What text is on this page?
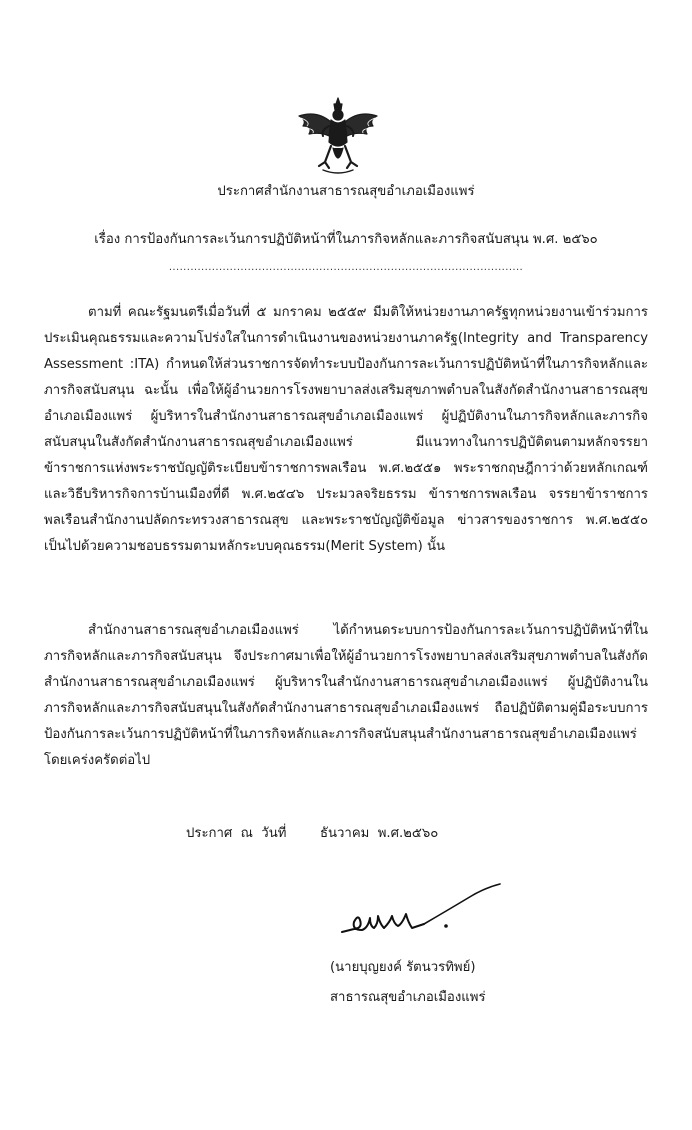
ประกาศสำนักงานสาธารณสุขอำเภอเมืองแพร่
เรื่อง การป้องกันการละเว้นการปฏิบัติหน้าที่ในภารกิจหลักและภารกิจสนับสนุน พ.ศ. ๒๕๖๐
...................................................................................................

ตามที่ คณะรัฐมนตรีเมื่อวันที่ ๕ มกราคม ๒๕๕๙ มีมติให้หน่วยงานภาครัฐทุกหน่วยงานเข้าร่วมการประเมินคุณธรรมและความโปร่งใสในการดำเนินงานของหน่วยงานภาครัฐ(Integrity and Transparency Assessment :ITA) กำหนดให้ส่วนราชการจัดทำระบบป้องกันการละเว้นการปฏิบัติหน้าที่ในภารกิจหลักและภารกิจสนับสนุน ฉะนั้น เพื่อให้ผู้อำนวยการโรงพยาบาลส่งเสริมสุขภาพตำบลในสังกัดสำนักงานสาธารณสุขอำเภอเมืองแพร่ ผู้บริหารในสำนักงานสาธารณสุขอำเภอเมืองแพร่ ผู้ปฏิบัติงานในภารกิจหลักและภารกิจสนับสนุนในสังกัดสำนักงานสาธารณสุขอำเภอเมืองแพร่ มีแนวทางในการปฏิบัติตนตามหลักจรรยาข้าราชการแห่งพระราชบัญญัติระเบียบข้าราชการพลเรือน พ.ศ.๒๕๕๑ พระราชกฤษฎีกาว่าด้วยหลักเกณฑ์และวิธีบริหารกิจการบ้านเมืองที่ดี พ.ศ.๒๕๔๖ ประมวลจริยธรรม ข้าราชการพลเรือน จรรยาข้าราชการพลเรือนสำนักงานปลัดกระทรวงสาธารณสุข และพระราชบัญญัติข้อมูล ข่าวสารของราชการ พ.ศ.๒๕๕๐ เป็นไปด้วยความชอบธรรมตามหลักระบบคุณธรรม(Merit System) นั้น

สำนักงานสาธารณสุขอำเภอเมืองแพร่ ได้กำหนดระบบการป้องกันการละเว้นการปฏิบัติหน้าที่ในภารกิจหลักและภารกิจสนับสนุน จึงประกาศมาเพื่อให้ผู้อำนวยการโรงพยาบาลส่งเสริมสุขภาพตำบลในสังกัดสำนักงานสาธารณสุขอำเภอเมืองแพร่ ผู้บริหารในสำนักงานสาธารณสุขอำเภอเมืองแพร่ ผู้ปฏิบัติงานในภารกิจหลักและภารกิจสนับสนุนในสังกัดสำนักงานสาธารณสุขอำเภอเมืองแพร่ ถือปฏิบัติตามคู่มือระบบการป้องกันการละเว้นการปฏิบัติหน้าที่ในภารกิจหลักและภารกิจสนับสนุนสำนักงานสาธารณสุขอำเภอเมืองแพร่ โดยเคร่งครัดต่อไป

ประกาศ  ณ  วันที่        ธันวาคม  พ.ศ.๒๕๖๐
(นายบุญยงค์ รัตนวรทิพย์)
สาธารณสุขอำเภอเมืองแพร่
